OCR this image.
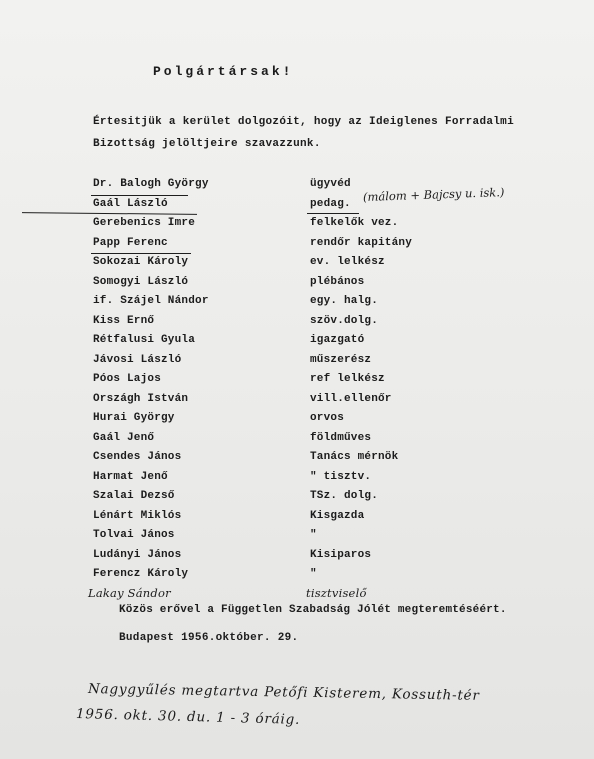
Polgártársak!
Értesitjük a kerület dolgozóit, hogy az Ideiglenes Forradalmi Bizottság jelöltjeire szavazzunk.
Dr. Balogh György	ügyvéd
Gaál László	pedag.
Gerebenics Imre	felkelők vez.
Papp Ferenc	rendőr kapitány
Sokozai Károly	ev. lelkész
Somogyi László	plébános
if. Szájel Nándor	egy. halg.
Kiss Ernő	szöv.dolg.
Rétfalusi Gyula	igazgató
Jávosi László	műszerész
Póos Lajos	ref lelkész
Országh István	vill.ellenőr
Hurai György	orvos
Gaál Jenő	földműves
Csendes János	Tanács mérnök
Harmat Jenő	" tisztv.
Szalai Dezső	TSz. dolg.
Lénárt Miklós	Kisgazda
Tolvai János	"
Ludányi János	Kisiparos
Ferencz Károly	"
Lakay Sándor	tisztviselő
(málom + Bajcsy u. isk.)
Közös erővel a Független Szabadság Jólét megteremtéséért.
Budapest 1956.október. 29.
Nagygyűlés megtartva Petőfi Kisterem, Kossuth-tér
1956. okt. 30. du. 1 - 3 óráig.
